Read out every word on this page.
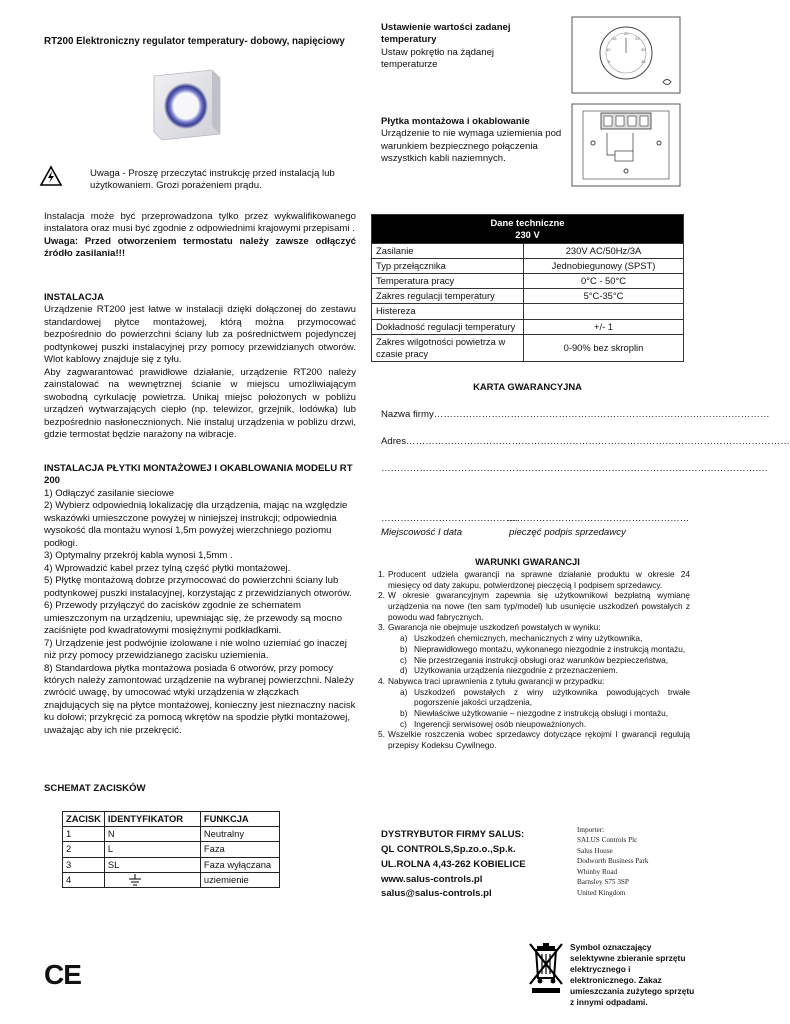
RT200 Elektroniczny regulator temperatury- dobowy, napięciowy
Uwaga - Proszę przeczytać instrukcję przed instalacją lub użytkowaniem. Grozi porażeniem prądu.

Instalacja może być przeprowadzona tylko przez wykwalifikowanego instalatora oraz musi być zgodnie z odpowiednimi krajowymi przepisami .

Uwaga: Przed otworzeniem termostatu należy zawsze odłączyć źródło zasilania!!!

INSTALACJA

Urządzenie RT200 jest łatwe w instalacji dzięki dołączonej do zestawu standardowej płytce montażowej, którą można przymocować bezpośrednio do powierzchni ściany lub za pośrednictwem pojedynczej podtynkowej puszki instalacyjnej przy pomocy przewidzianych otworów. Wlot kablowy znajduje się z tyłu.

Aby zagwarantować prawidłowe działanie, urządzenie RT200 należy zainstalować na wewnętrznej ścianie w miejscu umożliwiającym swobodną cyrkulację powietrza. Unikaj miejsc położonych w pobliżu urządzeń wytwarzających ciepło (np. telewizor, grzejnik, lodówka) lub bezpośrednio nasłonecznionych. Nie instaluj urządzenia w pobliżu drzwi, gdzie termostat będzie narażony na wibracje.

INSTALACJA PŁYTKI MONTAŻOWEJ I OKABLOWANIA MODELU RT 200

1) Odłączyć zasilanie sieciowe

2) Wybierz odpowiednią lokalizację dla urządzenia, mając na względzie wskazówki umieszczone powyżej w niniejszej instrukcji; odpowiednia wysokość dla montażu wynosi 1,5m powyżej wierzchniego poziomu podłogi.

3) Optymalny przekrój kabla wynosi 1,5mm .

4) Wprowadzić kabel przez tylną część płytki montażowej.

5) Płytkę montażową dobrze przymocować do powierzchni ściany lub podtynkowej puszki instalacyjnej, korzystając z przewidzianych otworów.

6) Przewody przyłączyć do zacisków zgodnie ze schematem umieszczonym na urządzeniu, upewniając się, że przewody są mocno zaciśnięte pod kwadratowymi mosiężnymi podkładkami.

7) Urządzenie jest podwójnie izolowane i nie wolno uziemiać go inaczej niż przy pomocy przewidzianego zacisku uziemienia.

8) Standardowa płytka montażowa posiada 6 otworów, przy pomocy których należy zamontować urządzenie na wybranej powierzchni. Należy zwrócić uwagę, by umocować wtyki urządzenia w złączkach znajdujących się na płytce montażowej, konieczny jest nieznaczny nacisk ku dołowi; przykręcić za pomocą wkrętów na spodzie płytki montażowej, uważając aby ich nie przekręcić.

SCHEMAT ZACISKÓW
ZACISK	IDENTYFIKATOR	FUNKCJA
1	N	Neutralny
2	L	Faza
3	SL	Faza wyłączana
4		uziemienie
CE

Ustawienie wartości zadanej temperatury

Ustaw pokrętło na żądanej temperaturze	5
10
15
20
25
30
35

Płytka montażowa i okablowanie

Urządzenie to nie wymaga uziemienia pod warunkiem bezpiecznego połączenia wszystkich kabli naziemnych.

Dane techniczne
230 V	

Zasilanie	230V AC/50Hz/3A
Typ przełącznika	Jednobiegunowy (SPST)
Temperatura pracy	0°C - 50°C
Zakres regulacji temperatury	5°C-35°C
Histereza	
Dokładność regulacji temperatury	+/- 1
Zakres wilgotności powietrza w czasie pracy	0-90% bez skroplin
KARTA GWARANCYJNA
Nazwa firmy……………………………………………………………………………………………
Adres…………………………………………………………………………………………………………
………………………………………………………………………………………………………….
…………………………………….
…………………………………………………
Miejscowość I data	pieczęć podpis sprzedawcy
WARUNKI GWARANCJI
1. Producent udziela gwarancji na sprawne działanie produktu w okresie 24 miesięcy od daty zakupu, potwierdzonej pieczęcią I podpisem sprzedawcy.
2. W okresie gwarancyjnym zapewnia się użytkownikowi bezpłatną wymianę urządzenia na nowe (ten sam typ/model) lub usunięcie uszkodzeń powstałych z powodu wad fabrycznych.
3. Gwarancja nie obejmuje uszkodzeń powstałych w wyniku:
a) Uszkodzeń chemicznych, mechanicznych z winy użytkownika,
b) Nieprawidłowego montażu, wykonanego niezgodnie z instrukcją montażu,
c) Nie przestrzegania instrukcji obsługi oraz warunków bezpieczeństwa,
d) Użytkowania urządzenia niezgodnie z przeznaczeniem.
4. Nabywca traci uprawnienia z tytułu gwarancji w przypadku:
a) Uszkodzeń powstałych z winy użytkownika powodujących trwałe pogorszenie jakości urządzenia,
b) Niewłaściwe użytkowanie – niezgodne z instrukcją obsługi i montażu,
c) Ingerencji serwisowej osób nieupoważnionych.
5. Wszelkie roszczenia wobec sprzedawcy dotyczące rękojmi I gwarancji regulują przepisy Kodeksu Cywilnego.
DYSTRYBUTOR FIRMY SALUS:
QL CONTROLS,Sp.zo.o.,Sp.k.
UL.ROLNA 4,43-262 KOBIELICE
www.salus-controls.pl
salus@salus-controls.pl
Importer:
SALUS Controls Plc
Salus House
Dodworth Business Park
Whinby Road
Barnsley S75 3SP
United Kingdom
Symbol oznaczający selektywne zbieranie sprzętu elektrycznego i elektronicznego. Zakaz umieszczania zużytego sprzętu z innymi odpadami.
